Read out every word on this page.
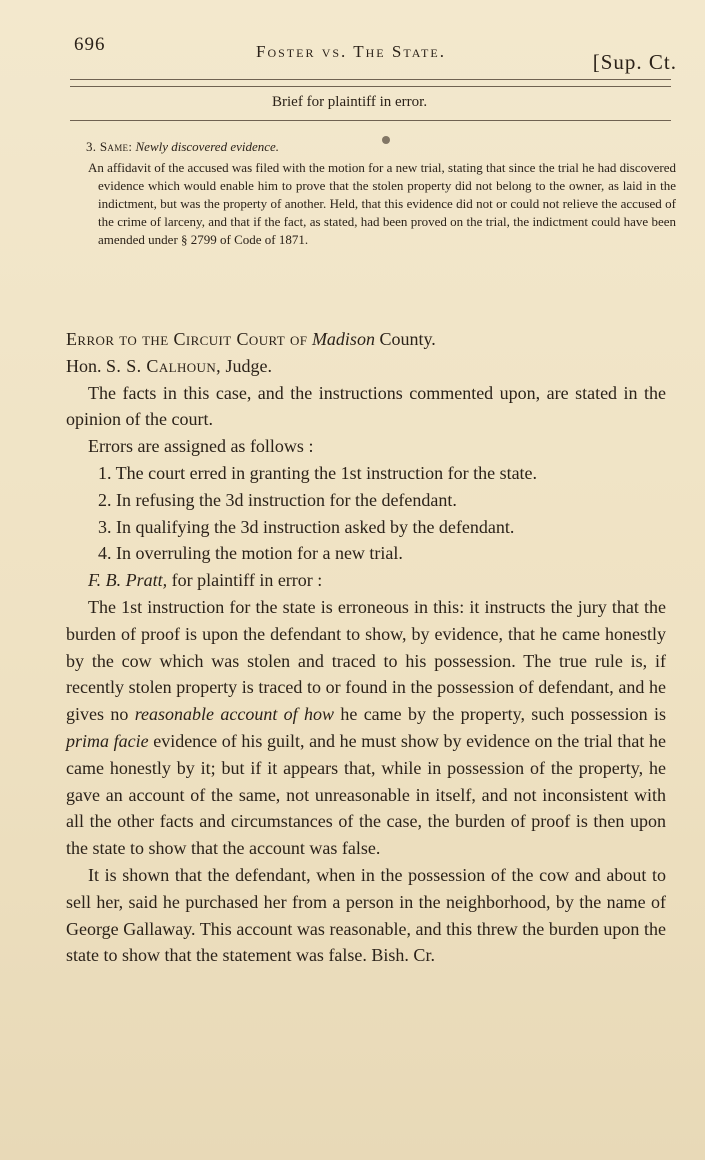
696	Foster vs. The State.	[Sup. Ct.
Brief for plaintiff in error.
3. Same: Newly discovered evidence.
An affidavit of the accused was filed with the motion for a new trial, stating that since the trial he had discovered evidence which would enable him to prove that the stolen property did not belong to the owner, as laid in the indictment, but was the property of another. Held, that this evidence did not or could not relieve the accused of the crime of larceny, and that if the fact, as stated, had been proved on the trial, the indictment could have been amended under § 2799 of Code of 1871.

Error to the Circuit Court of Madison County.

Hon. S. S. Calhoun, Judge.

The facts in this case, and the instructions commented upon, are stated in the opinion of the court.

Errors are assigned as follows :

1. The court erred in granting the 1st instruction for the state.

2. In refusing the 3d instruction for the defendant.

3. In qualifying the 3d instruction asked by the defendant.

4. In overruling the motion for a new trial.

F. B. Pratt, for plaintiff in error :

The 1st instruction for the state is erroneous in this: it instructs the jury that the burden of proof is upon the defendant to show, by evidence, that he came honestly by the cow which was stolen and traced to his possession. The true rule is, if recently stolen property is traced to or found in the possession of defendant, and he gives no reasonable account of how he came by the property, such possession is prima facie evidence of his guilt, and he must show by evidence on the trial that he came honestly by it; but if it appears that, while in possession of the property, he gave an account of the same, not unreasonable in itself, and not inconsistent with all the other facts and circumstances of the case, the burden of proof is then upon the state to show that the account was false.

It is shown that the defendant, when in the possession of the cow and about to sell her, said he purchased her from a person in the neighborhood, by the name of George Gallaway. This account was reasonable, and this threw the burden upon the state to show that the statement was false. Bish. Cr.
